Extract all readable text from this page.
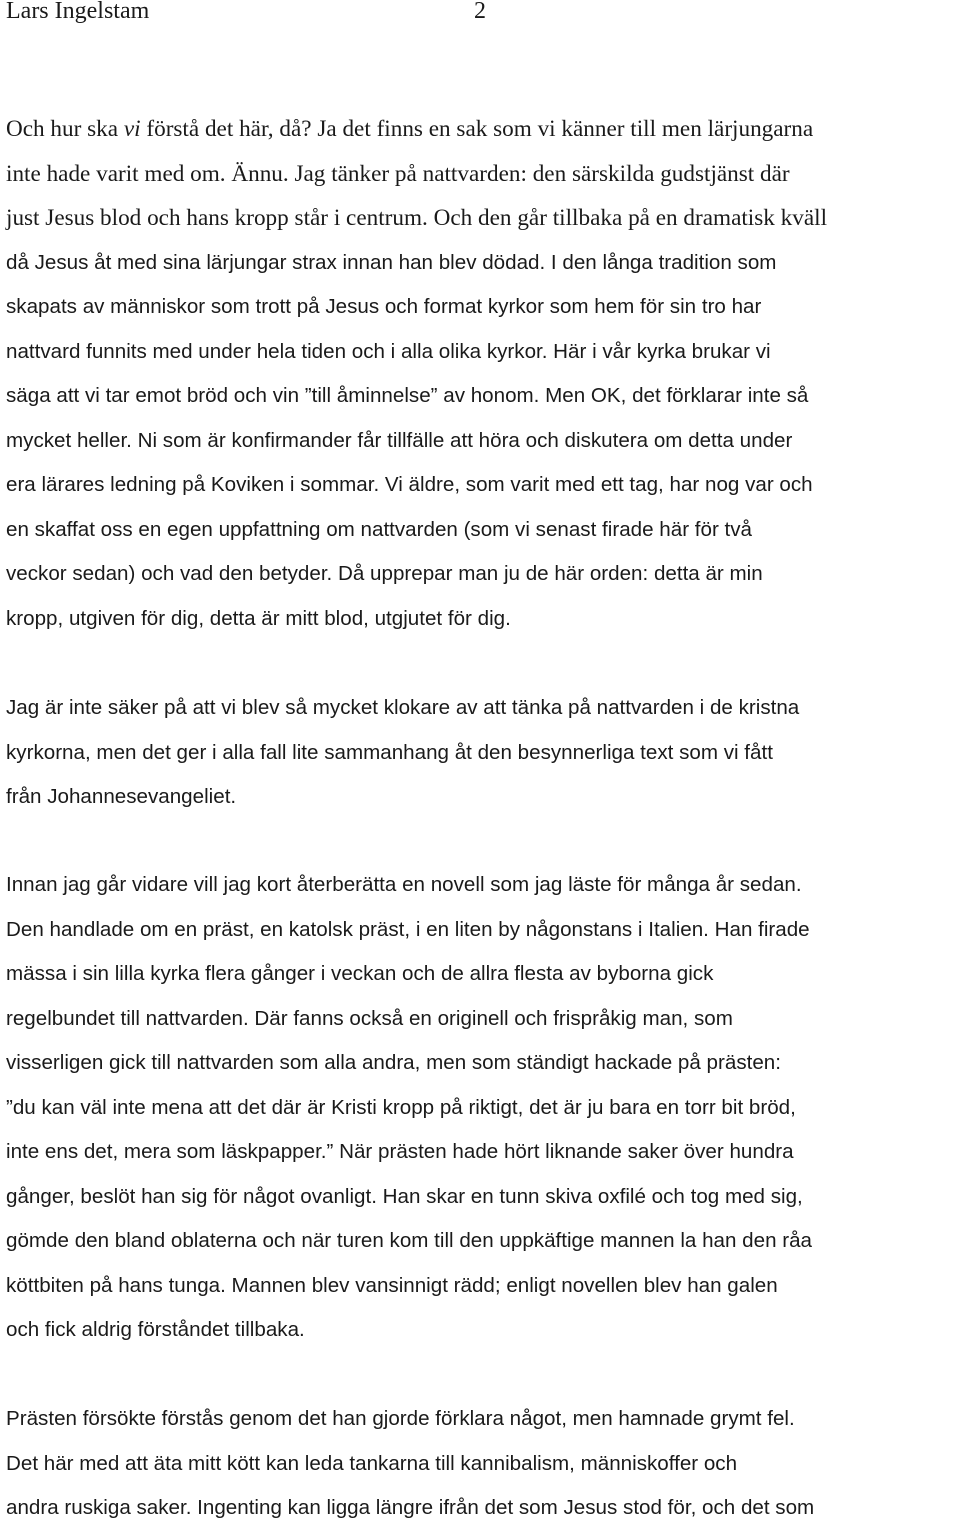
Lars Ingelstam	2
Och hur ska vi förstå det här, då? Ja det finns en sak som vi känner till men lärjungarna
inte hade varit med om. Ännu. Jag tänker på nattvarden: den särskilda gudstjänst där
just Jesus blod och hans kropp står i centrum. Och den går tillbaka på en dramatisk kväll
då Jesus åt med sina lärjungar strax innan han blev dödad. I den långa tradition som
skapats av människor som trott på Jesus och format kyrkor som hem för sin tro har
nattvard funnits med under hela tiden och i alla olika kyrkor. Här i vår kyrka brukar vi
säga att vi tar emot bröd och vin ”till åminnelse” av honom. Men OK, det förklarar inte så
mycket heller. Ni som är konfirmander får tillfälle att höra och diskutera om detta under
era lärares ledning på Koviken i sommar. Vi äldre, som varit med ett tag, har nog var och
en skaffat oss en egen uppfattning om nattvarden (som vi senast firade här för två
veckor sedan) och vad den betyder. Då upprepar man ju de här orden: detta är min
kropp, utgiven för dig, detta är mitt blod, utgjutet för dig.
Jag är inte säker på att vi blev så mycket klokare av att tänka på nattvarden i de kristna
kyrkorna, men det ger i alla fall lite sammanhang åt den besynnerliga text som vi fått
från Johannesevangeliet.
Innan jag går vidare vill jag kort återberätta en novell som jag läste för många år sedan.
Den handlade om en präst, en katolsk präst, i en liten by någonstans i Italien. Han firade
mässa i sin lilla kyrka flera gånger i veckan och de allra flesta av byborna gick
regelbundet till nattvarden. Där fanns också en originell och frispråkig man, som
visserligen gick till nattvarden som alla andra, men som ständigt hackade på prästen:
”du kan väl inte mena att det där är Kristi kropp på riktigt, det är ju bara en torr bit bröd,
inte ens det, mera som läskpapper.” När prästen hade hört liknande saker över hundra
gånger, beslöt han sig för något ovanligt. Han skar en tunn skiva oxfilé och tog med sig,
gömde den bland oblaterna och när turen kom till den uppkäftige mannen la han den råa
köttbiten på hans tunga. Mannen blev vansinnigt rädd; enligt novellen blev han galen
och fick aldrig förståndet tillbaka.
Prästen försökte förstås genom det han gjorde förklara något, men hamnade grymt fel.
Det här med att äta mitt kött kan leda tankarna till kannibalism, människoffer och
andra ruskiga saker. Ingenting kan ligga längre ifrån det som Jesus stod för, och det som
